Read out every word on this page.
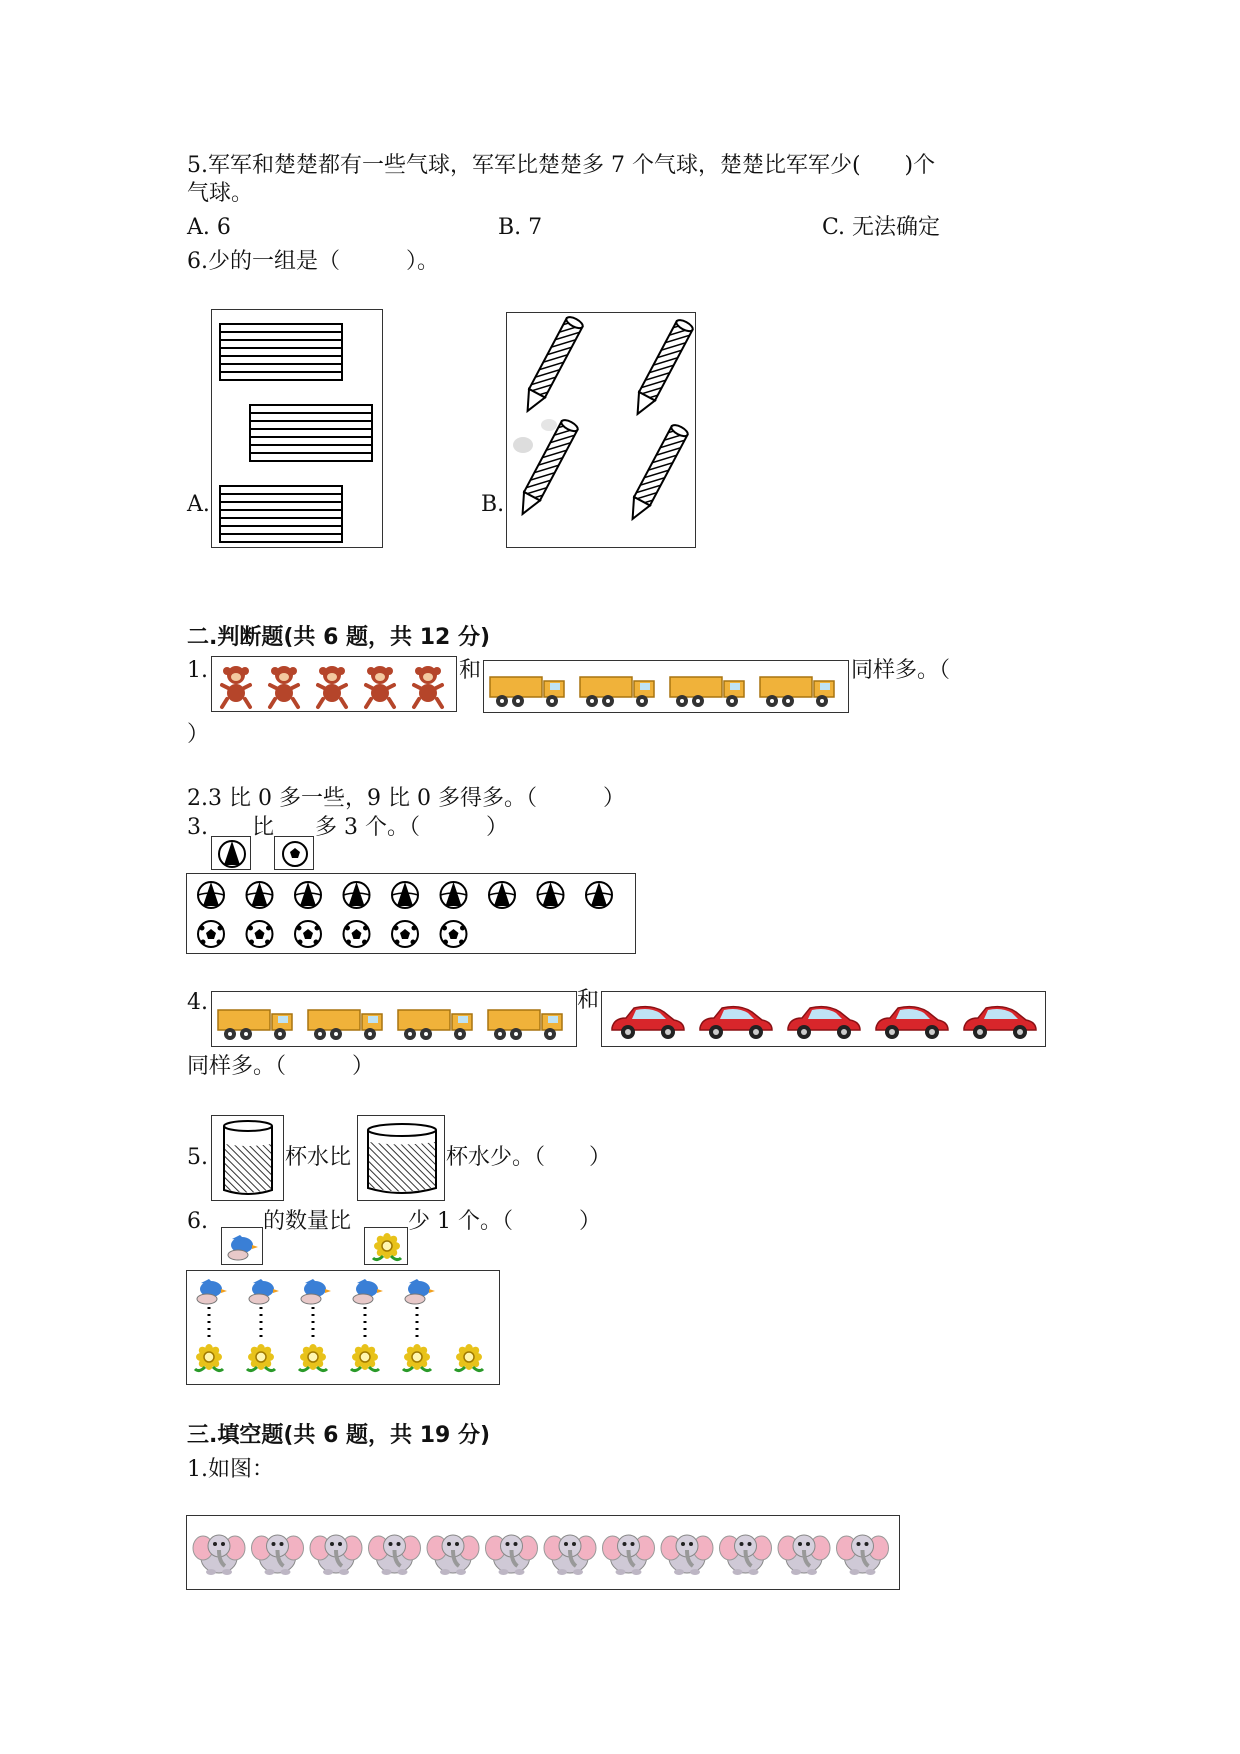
5.军军和楚楚都有一些气球，军军比楚楚多 7 个气球，楚楚比军军少(　　)个
气球。
A. 6	B. 7	C. 无法确定
6.少的一组是（　　　）。
A.	B.
二.判断题(共 6 题，共 12 分)
1.	和	同样多。（
）
2.3 比 0 多一些，9 比 0 多得多。（　　　）
3. 比 多 3 个。（　　　）
4.	和
同样多。（　　　）
5.	杯水比	杯水少。（　　）
6.	的数量比	少 1 个。（　　　）
三.填空题(共 6 题，共 19 分)
1.如图：
